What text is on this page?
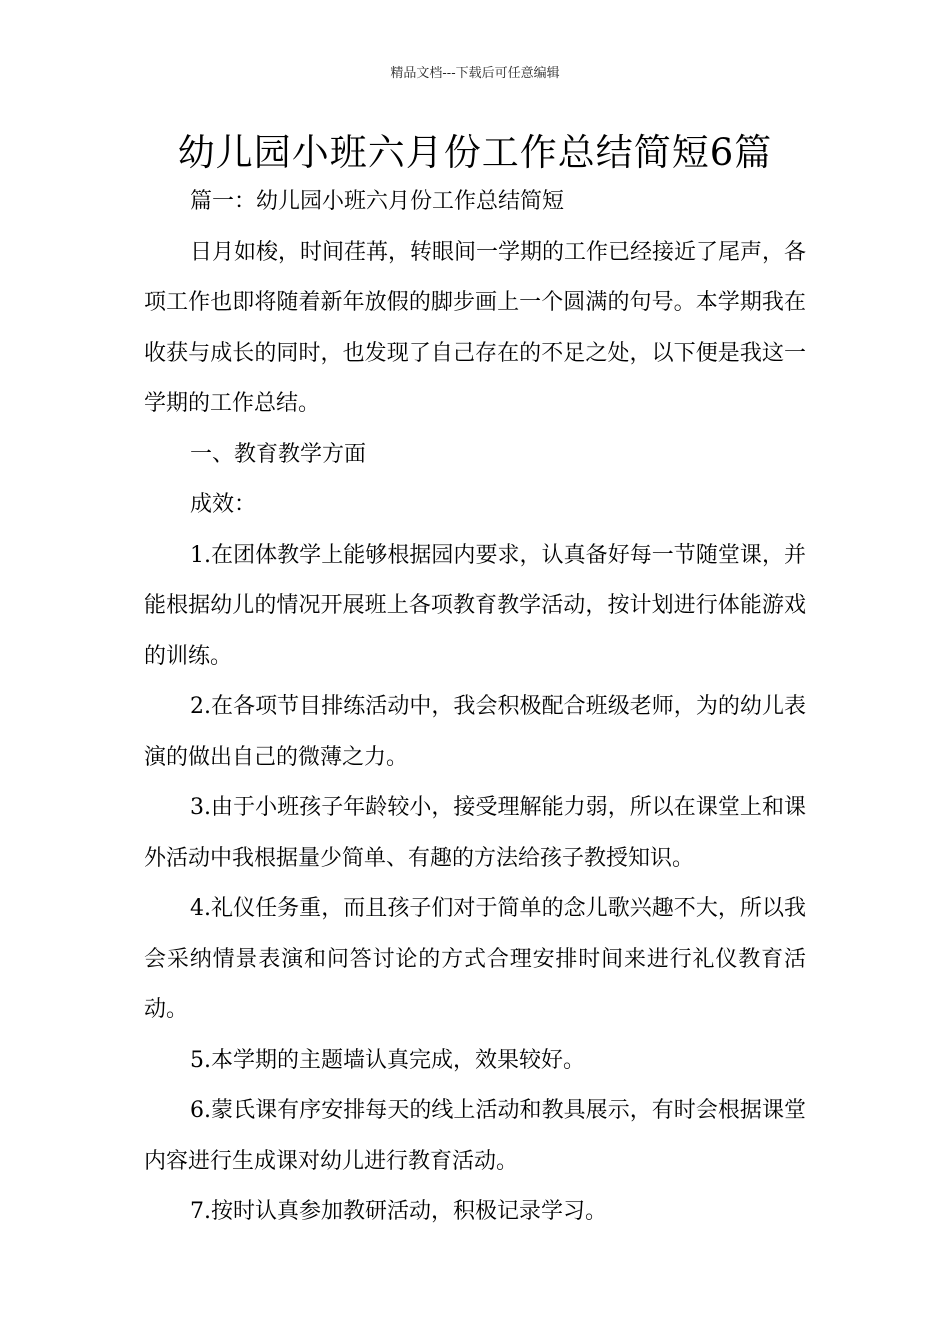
精品文档---下载后可任意编辑
幼儿园小班六月份工作总结简短6篇

篇一：幼儿园小班六月份工作总结简短

日月如梭，时间荏苒，转眼间一学期的工作已经接近了尾声，各项工作也即将随着新年放假的脚步画上一个圆满的句号。本学期我在收获与成长的同时，也发现了自己存在的不足之处，以下便是我这一学期的工作总结。

一、教育教学方面

成效：

1.在团体教学上能够根据园内要求，认真备好每一节随堂课，并能根据幼儿的情况开展班上各项教育教学活动，按计划进行体能游戏的训练。

2.在各项节目排练活动中，我会积极配合班级老师，为的幼儿表演的做出自己的微薄之力。

3.由于小班孩子年龄较小，接受理解能力弱，所以在课堂上和课外活动中我根据量少简单、有趣的方法给孩子教授知识。

4.礼仪任务重，而且孩子们对于简单的念儿歌兴趣不大，所以我会采纳情景表演和问答讨论的方式合理安排时间来进行礼仪教育活动。

5.本学期的主题墙认真完成，效果较好。

6.蒙氏课有序安排每天的线上活动和教具展示，有时会根据课堂内容进行生成课对幼儿进行教育活动。

7.按时认真参加教研活动，积极记录学习。
